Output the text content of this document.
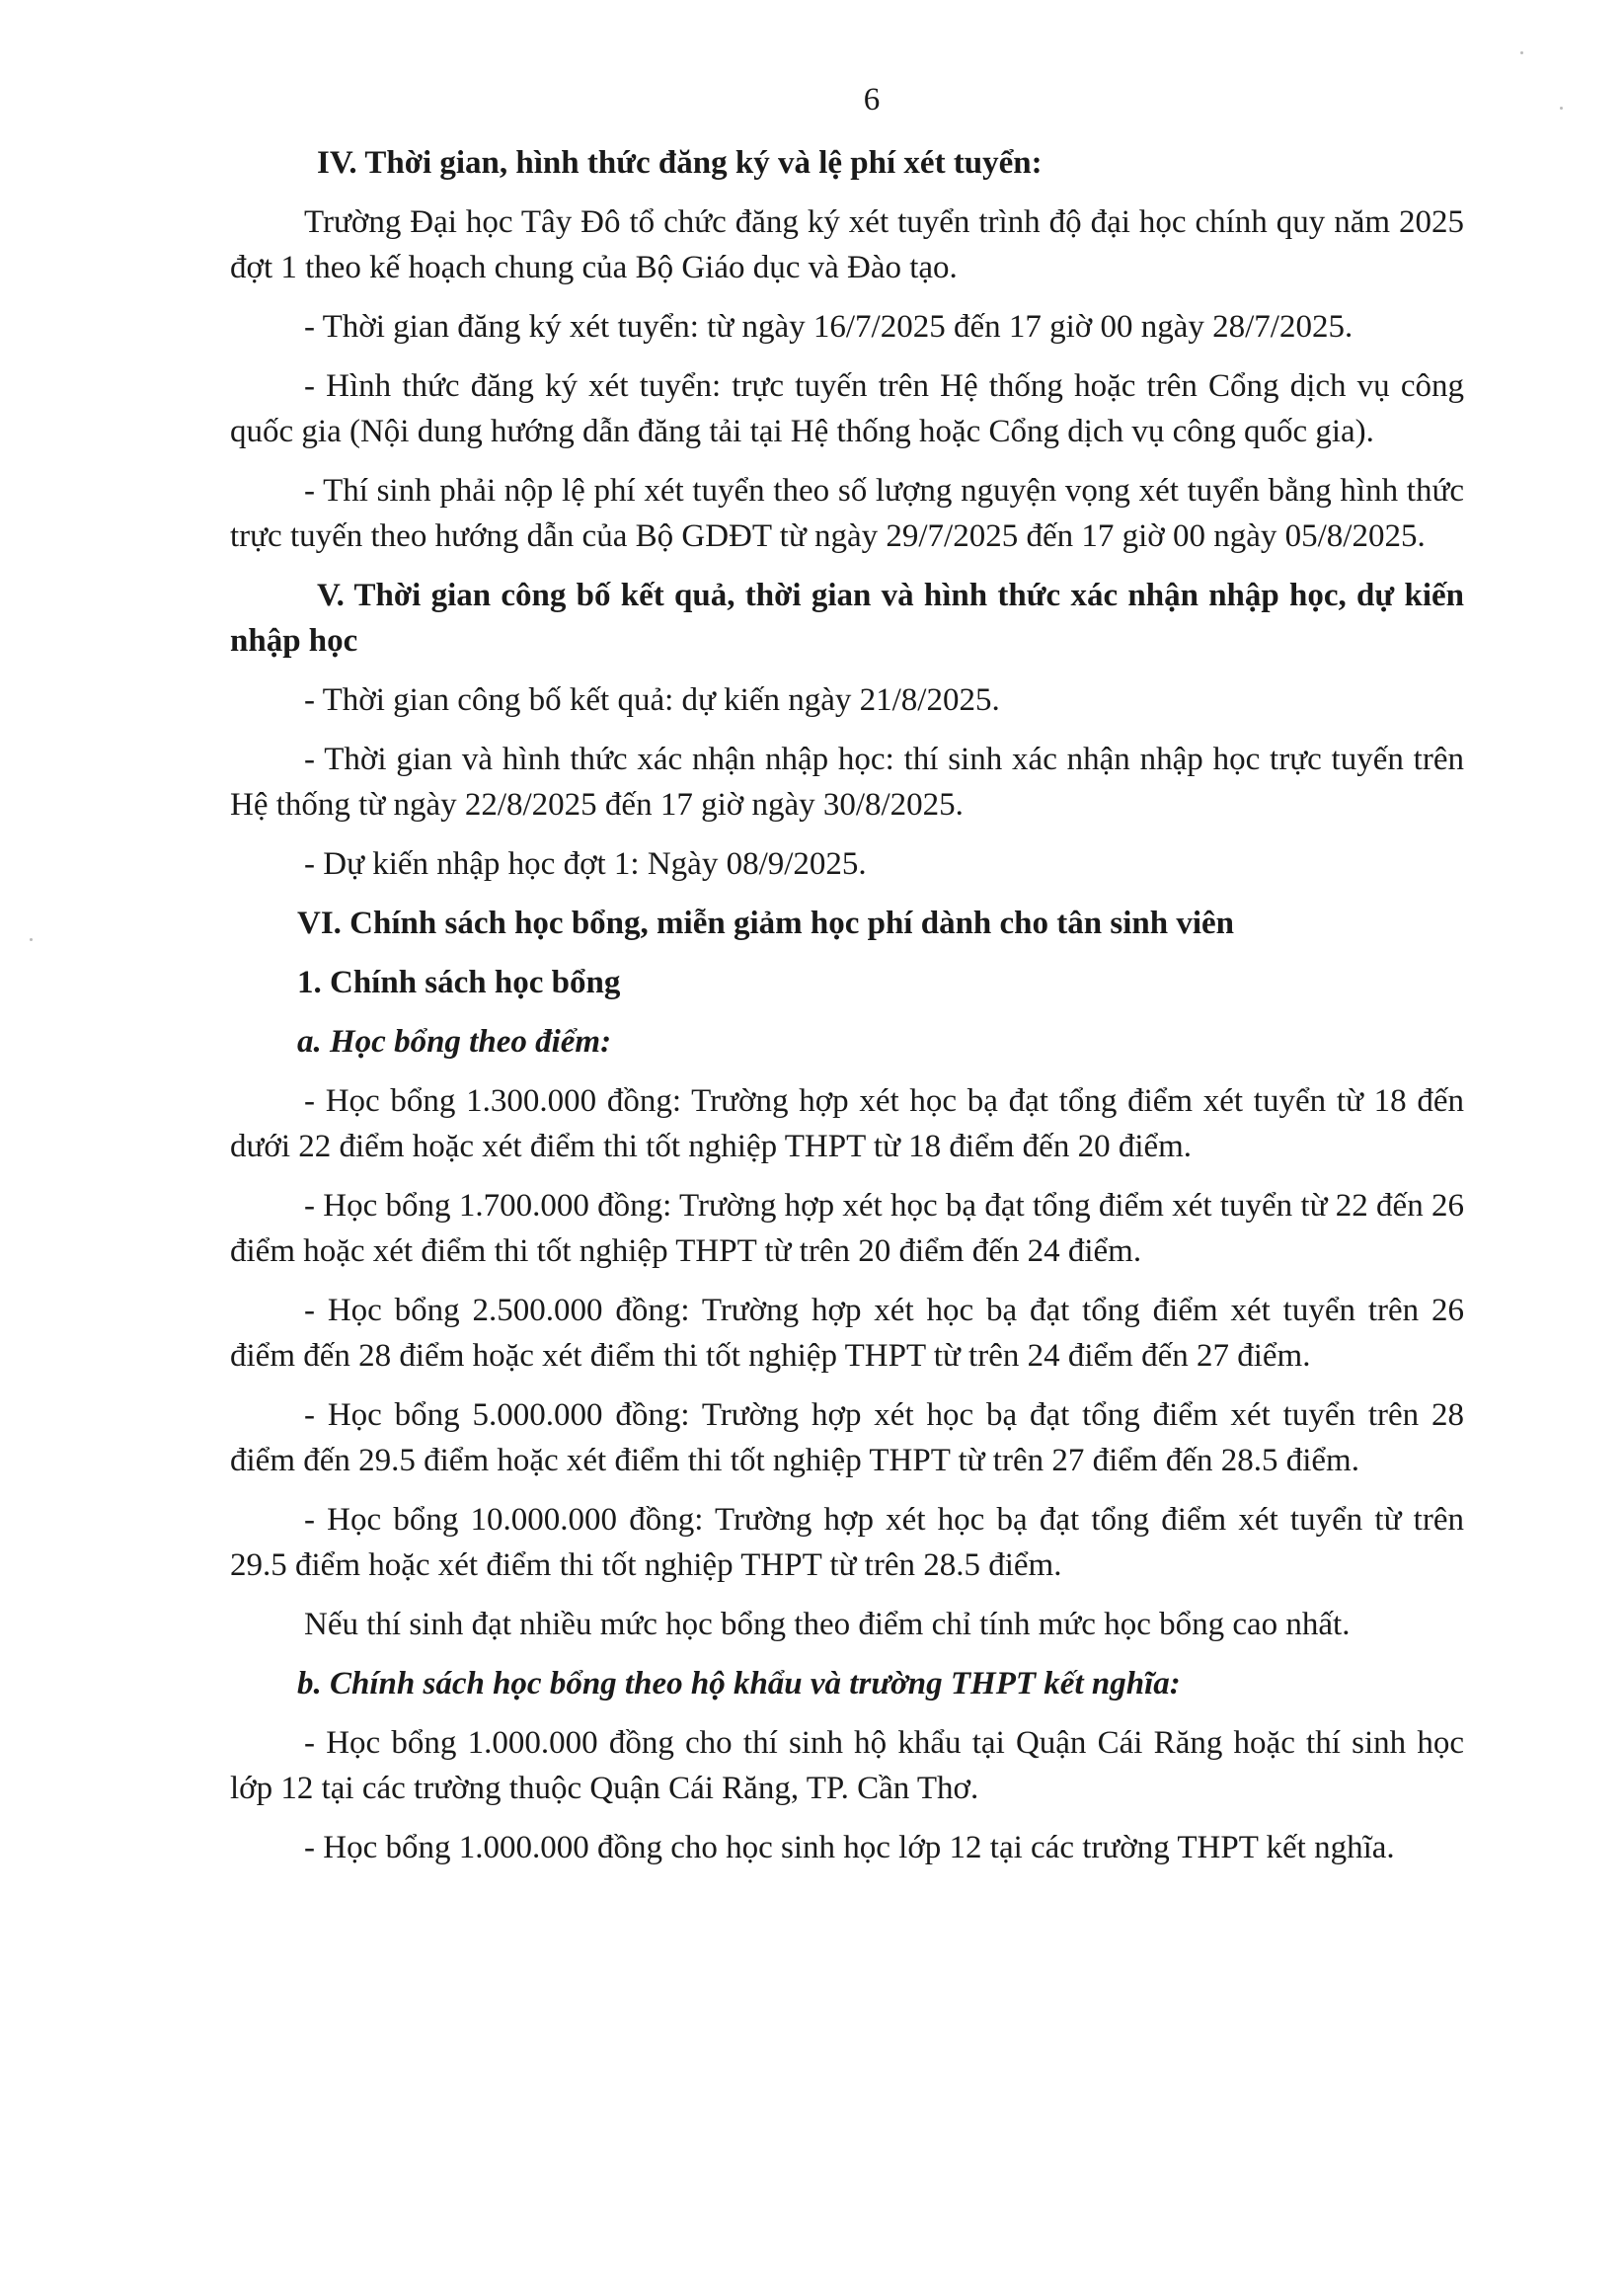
6
IV. Thời gian, hình thức đăng ký và lệ phí xét tuyển:

Trường Đại học Tây Đô tổ chức đăng ký xét tuyển trình độ đại học chính quy năm 2025 đợt 1 theo kế hoạch chung của Bộ Giáo dục và Đào tạo.

- Thời gian đăng ký xét tuyển: từ ngày 16/7/2025 đến 17 giờ 00 ngày 28/7/2025.

- Hình thức đăng ký xét tuyển: trực tuyến trên Hệ thống hoặc trên Cổng dịch vụ công quốc gia (Nội dung hướng dẫn đăng tải tại Hệ thống hoặc Cổng dịch vụ công quốc gia).

- Thí sinh phải nộp lệ phí xét tuyển theo số lượng nguyện vọng xét tuyển bằng hình thức trực tuyến theo hướng dẫn của Bộ GDĐT từ ngày 29/7/2025 đến 17 giờ 00 ngày 05/8/2025.

V. Thời gian công bố kết quả, thời gian và hình thức xác nhận nhập học, dự kiến nhập học

- Thời gian công bố kết quả: dự kiến ngày 21/8/2025.

- Thời gian và hình thức xác nhận nhập học: thí sinh xác nhận nhập học trực tuyến trên Hệ thống từ ngày 22/8/2025 đến 17 giờ ngày 30/8/2025.

- Dự kiến nhập học đợt 1: Ngày 08/9/2025.

VI. Chính sách học bổng, miễn giảm học phí dành cho tân sinh viên
1. Chính sách học bổng
a. Học bổng theo điểm:

- Học bổng 1.300.000 đồng: Trường hợp xét học bạ đạt tổng điểm xét tuyển từ 18 đến dưới 22 điểm hoặc xét điểm thi tốt nghiệp THPT từ 18 điểm đến 20 điểm.

- Học bổng 1.700.000 đồng: Trường hợp xét học bạ đạt tổng điểm xét tuyển từ 22 đến 26 điểm hoặc xét điểm thi tốt nghiệp THPT từ trên 20 điểm đến 24 điểm.

- Học bổng 2.500.000 đồng: Trường hợp xét học bạ đạt tổng điểm xét tuyển trên 26 điểm đến 28 điểm hoặc xét điểm thi tốt nghiệp THPT từ trên 24 điểm đến 27 điểm.

- Học bổng 5.000.000 đồng: Trường hợp xét học bạ đạt tổng điểm xét tuyển trên 28 điểm đến 29.5 điểm hoặc xét điểm thi tốt nghiệp THPT từ trên 27 điểm đến 28.5 điểm.

- Học bổng 10.000.000 đồng: Trường hợp xét học bạ đạt tổng điểm xét tuyển từ trên 29.5 điểm hoặc xét điểm thi tốt nghiệp THPT từ trên 28.5 điểm.

Nếu thí sinh đạt nhiều mức học bổng theo điểm chỉ tính mức học bổng cao nhất.

b. Chính sách học bổng theo hộ khẩu và trường THPT kết nghĩa:

- Học bổng 1.000.000 đồng cho thí sinh hộ khẩu tại Quận Cái Răng hoặc thí sinh học lớp 12 tại các trường thuộc Quận Cái Răng, TP. Cần Thơ.

- Học bổng 1.000.000 đồng cho học sinh học lớp 12 tại các trường THPT kết nghĩa.
